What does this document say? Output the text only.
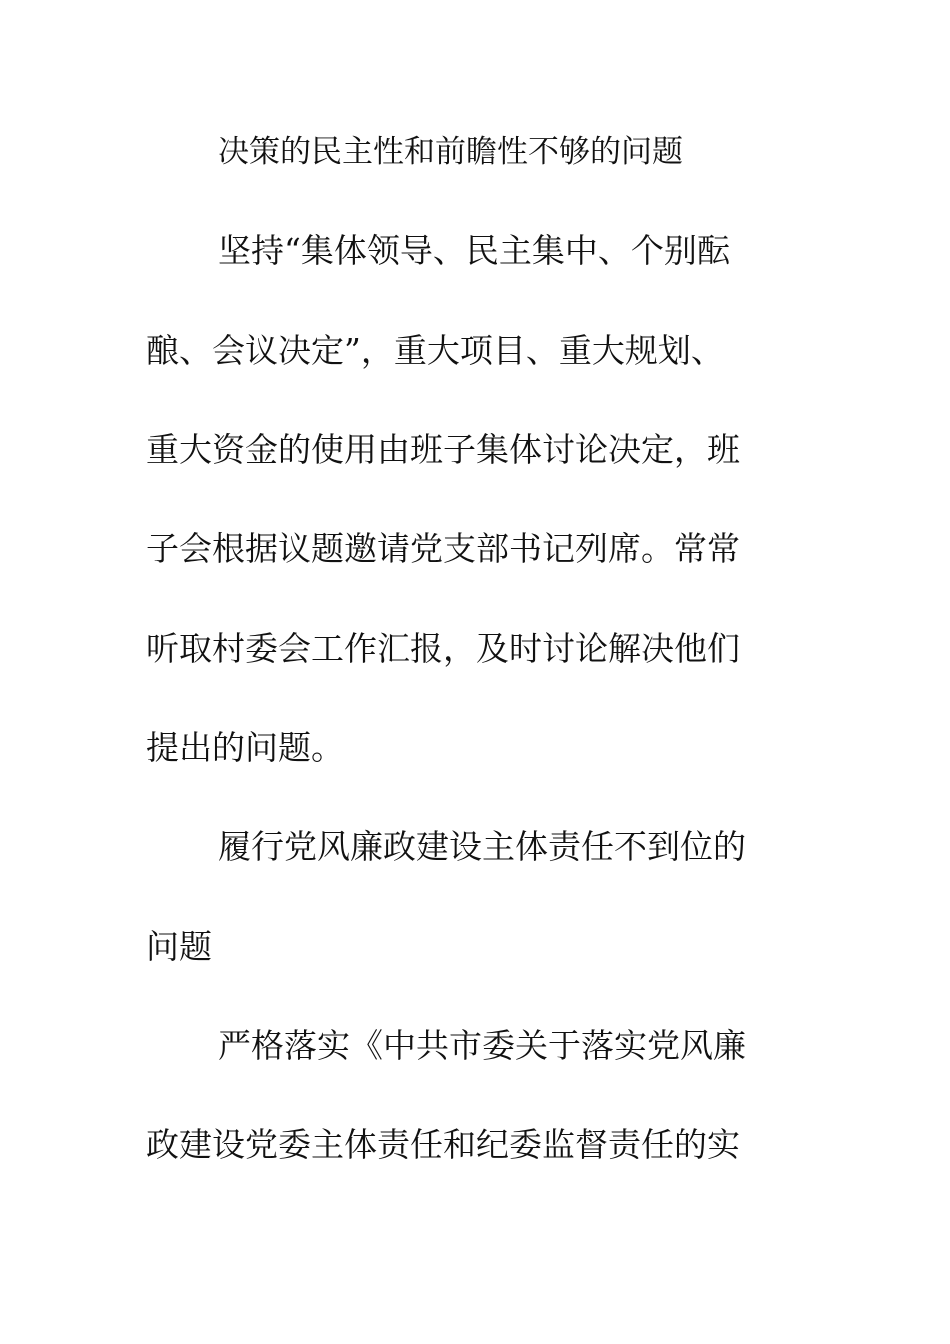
决策的民主性和前瞻性不够的问题
坚持“集体领导、民主集中、个别酝
酿、会议决定”，重大项目、重大规划、
重大资金的使用由班子集体讨论决定，班
子会根据议题邀请党支部书记列席。常常
听取村委会工作汇报，及时讨论解决他们
提出的问题。
履行党风廉政建设主体责任不到位的
问题
严格落实《中共市委关于落实党风廉
政建设党委主体责任和纪委监督责任的实
